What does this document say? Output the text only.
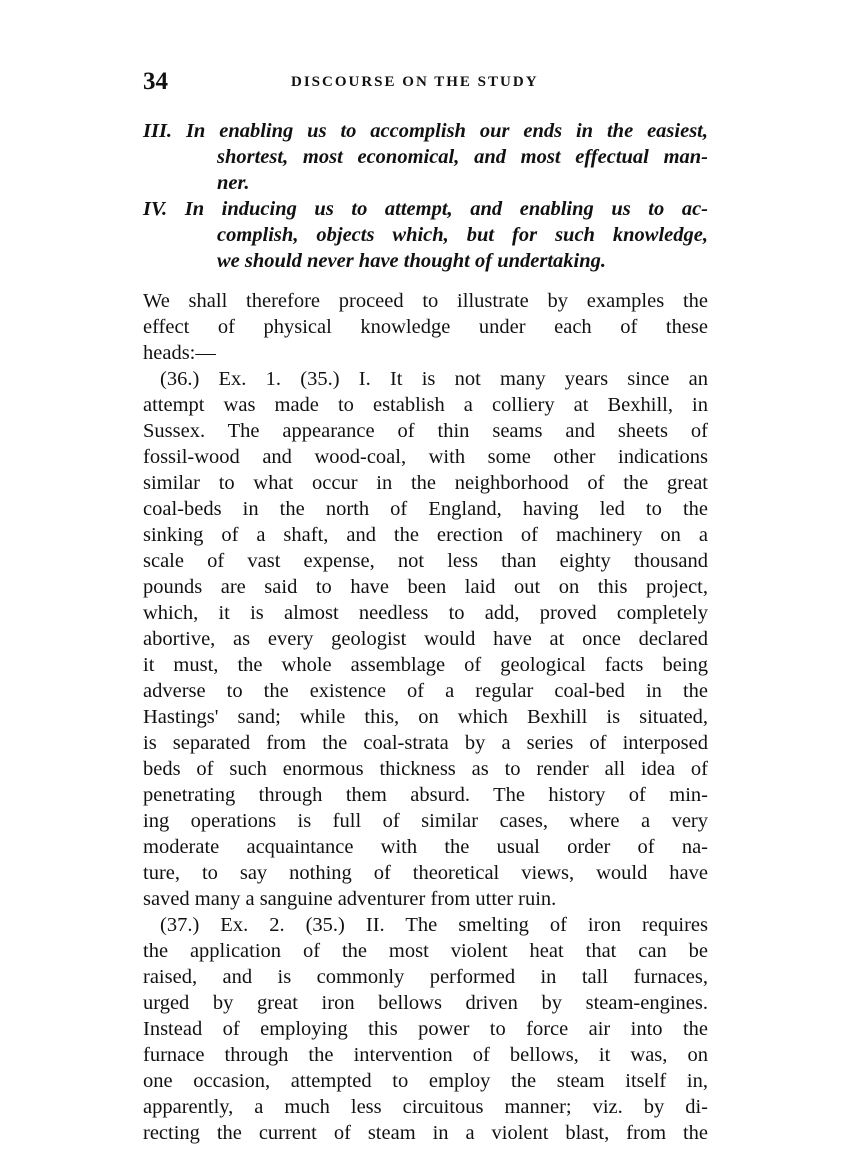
34	DISCOURSE ON THE STUDY
III. In enabling us to accomplish our ends in the easiest,
shortest, most economical, and most effectual man-
ner.
IV. In inducing us to attempt, and enabling us to ac-
complish, objects which, but for such knowledge,
we should never have thought of undertaking.
We shall therefore proceed to illustrate by examples the
effect of physical knowledge under each of these
heads:—
(36.) Ex. 1. (35.) I. It is not many years since an
attempt was made to establish a colliery at Bexhill, in
Sussex. The appearance of thin seams and sheets of
fossil-wood and wood-coal, with some other indications
similar to what occur in the neighborhood of the great
coal-beds in the north of England, having led to the
sinking of a shaft, and the erection of machinery on a
scale of vast expense, not less than eighty thousand
pounds are said to have been laid out on this project,
which, it is almost needless to add, proved completely
abortive, as every geologist would have at once declared
it must, the whole assemblage of geological facts being
adverse to the existence of a regular coal-bed in the
Hastings' sand; while this, on which Bexhill is situated,
is separated from the coal-strata by a series of interposed
beds of such enormous thickness as to render all idea of
penetrating through them absurd. The history of min-
ing operations is full of similar cases, where a very
moderate acquaintance with the usual order of na-
ture, to say nothing of theoretical views, would have
saved many a sanguine adventurer from utter ruin.
(37.) Ex. 2. (35.) II. The smelting of iron requires
the application of the most violent heat that can be
raised, and is commonly performed in tall furnaces,
urged by great iron bellows driven by steam-engines.
Instead of employing this power to force air into the
furnace through the intervention of bellows, it was, on
one occasion, attempted to employ the steam itself in,
apparently, a much less circuitous manner; viz. by di-
recting the current of steam in a violent blast, from the
